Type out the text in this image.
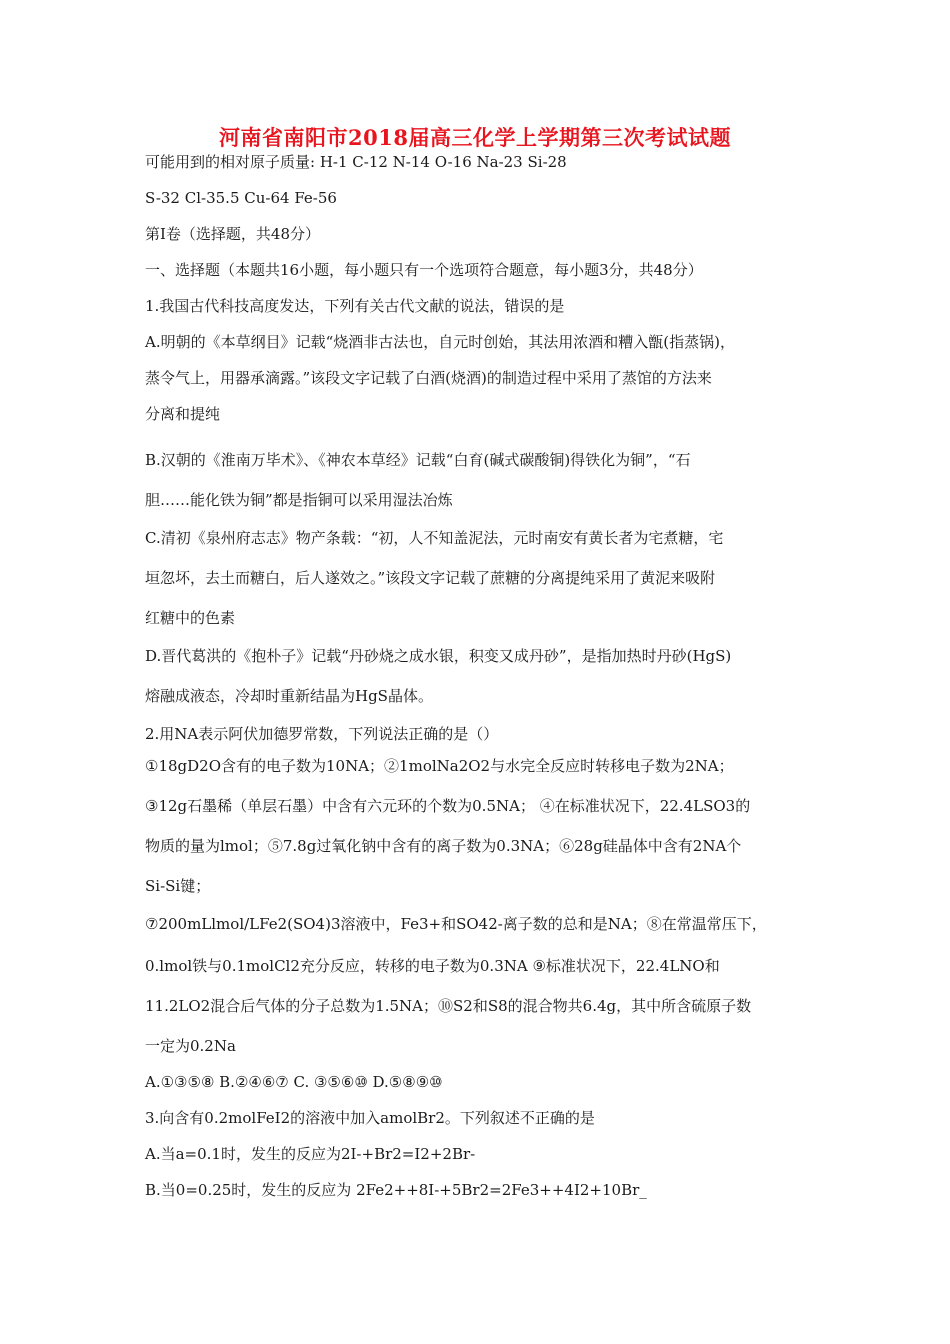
河南省南阳市2018届高三化学上学期第三次考试试题
可能用到的相对原子质量: H-1 C-12 N-14 O-16 Na-23 Si-28
S-32 Cl-35.5 Cu-64 Fe-56
第I卷（选择题，共48分）
一、选择题（本题共16小题，每小题只有一个选项符合题意，每小题3分，共48分）
1.我国古代科技高度发达，下列有关古代文献的说法，错误的是
A.明朝的《本草纲目》记载“烧酒非古法也，自元时创始，其法用浓酒和糟入甑(指蒸锅)，
蒸令气上，用器承滴露。”该段文字记载了白酒(烧酒)的制造过程中采用了蒸馆的方法来
分离和提纯
B.汉朝的《淮南万毕术》、《神农本草经》记载“白育(碱式碳酸铜)得铁化为铜”，“石
胆……能化铁为铜”都是指铜可以采用湿法冶炼
C.清初《泉州府志志》物产条载：“初，人不知盖泥法，元时南安有黄长者为宅煮糖，宅
垣忽坏，去土而糖白，后人遂效之。”该段文字记载了蔗糖的分离提纯采用了黄泥来吸附
红糖中的色素
D.晋代葛洪的《抱朴子》记载“丹砂烧之成水银，积变又成丹砂”，是指加热时丹砂(HgS)
熔融成液态，冷却时重新结晶为HgS晶体。
2.用NA表示阿伏加德罗常数，下列说法正确的是（）
①18gD2O含有的电子数为10NA；②1molNa2O2与水完全反应时转移电子数为2NA；
③12g石墨稀（单层石墨）中含有六元环的个数为0.5NA； ④在标准状况下，22.4LSO3的
物质的量为lmol；⑤7.8g过氧化钠中含有的离子数为0.3NA；⑥28g硅晶体中含有2NA个
Si-Si键；
⑦200mLlmol/LFe2(SO4)3溶液中，Fe3+和SO42-离子数的总和是NA；⑧在常温常压下，
0.lmol铁与0.1molCl2充分反应，转移的电子数为0.3NA ⑨标准状况下，22.4LNO和
11.2LO2混合后气体的分子总数为1.5NA；⑩S2和S8的混合物共6.4g，其中所含硫原子数
一定为0.2Na
A.①③⑤⑧ B.②④⑥⑦ C. ③⑤⑥⑩ D.⑤⑧⑨⑩
3.向含有0.2molFeI2的溶液中加入amolBr2。下列叙述不正确的是
A.当a=0.1时，发生的反应为2I-+Br2=I2+2Br-
B.当0=0.25时，发生的反应为 2Fe2++8I-+5Br2=2Fe3++4I2+10Br_
